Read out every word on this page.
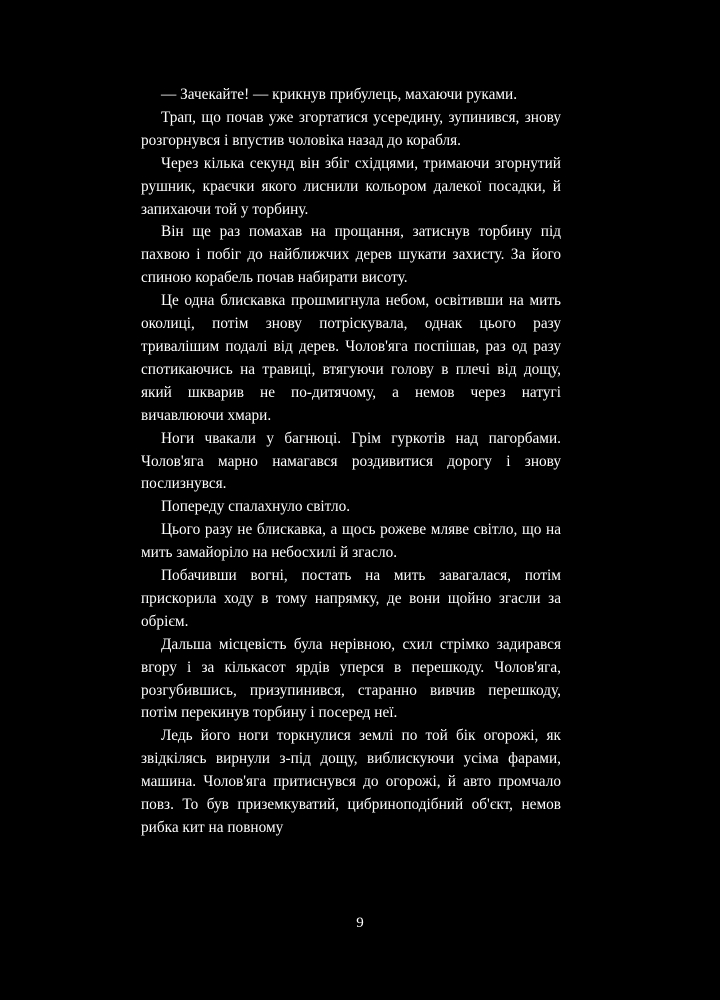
— Зачекайте! — крикнув прибулець, махаючи руками.

Трап, що почав уже згортатися усередину, зупинився, знову розгорнувся і впустив чоловіка назад до корабля.

Через кілька секунд він збіг східцями, тримаючи згорнутий рушник, краєчки якого лиснили кольором далекої посадки, й запихаючи той у торбину.

Він ще раз помахав на прощання, затиснув торбину під пахвою і побіг до найближчих дерев шукати захисту. За його спиною корабель почав набирати висоту.

Це одна блискавка прошмигнула небом, освітивши на мить околиці, потім знову потріскувала, однак цього разу тривалішим подалі від дерев. Чолов'яга поспішав, раз од разу спотикаючись на травиці, втягуючи голову в плечі від дощу, який шкварив не по-дитячому, а немов через натугі вичавлюючи хмари.

Ноги чвакали у багнюці. Грім гуркотів над пагорбами. Чолов'яга марно намагався роздивитися дорогу і знову послизнувся.

Попереду спалахнуло світло.

Цього разу не блискавка, а щось рожеве мляве світло, що на мить замайоріло на небосхилі й згасло.

Побачивши вогні, постать на мить завагалася, потім прискорила ходу в тому напрямку, де вони щойно згасли за обрієм.

Дальша місцевість була нерівною, схил стрімко задирався вгору і за кількасот ярдів уперся в перешкоду. Чолов'яга, розгубившись, призупинився, старанно вивчив перешкоду, потім перекинув торбину і посеред неї.

Ледь його ноги торкнулися землі по той бік огорожі, як звідкілясь вирнули з-під дощу, виблискуючи усіма фарами, машина. Чолов'яга притиснувся до огорожі, й авто промчало повз. То був приземкуватий, цибриноподібний об'єкт, немов рибка кит на повному

9
